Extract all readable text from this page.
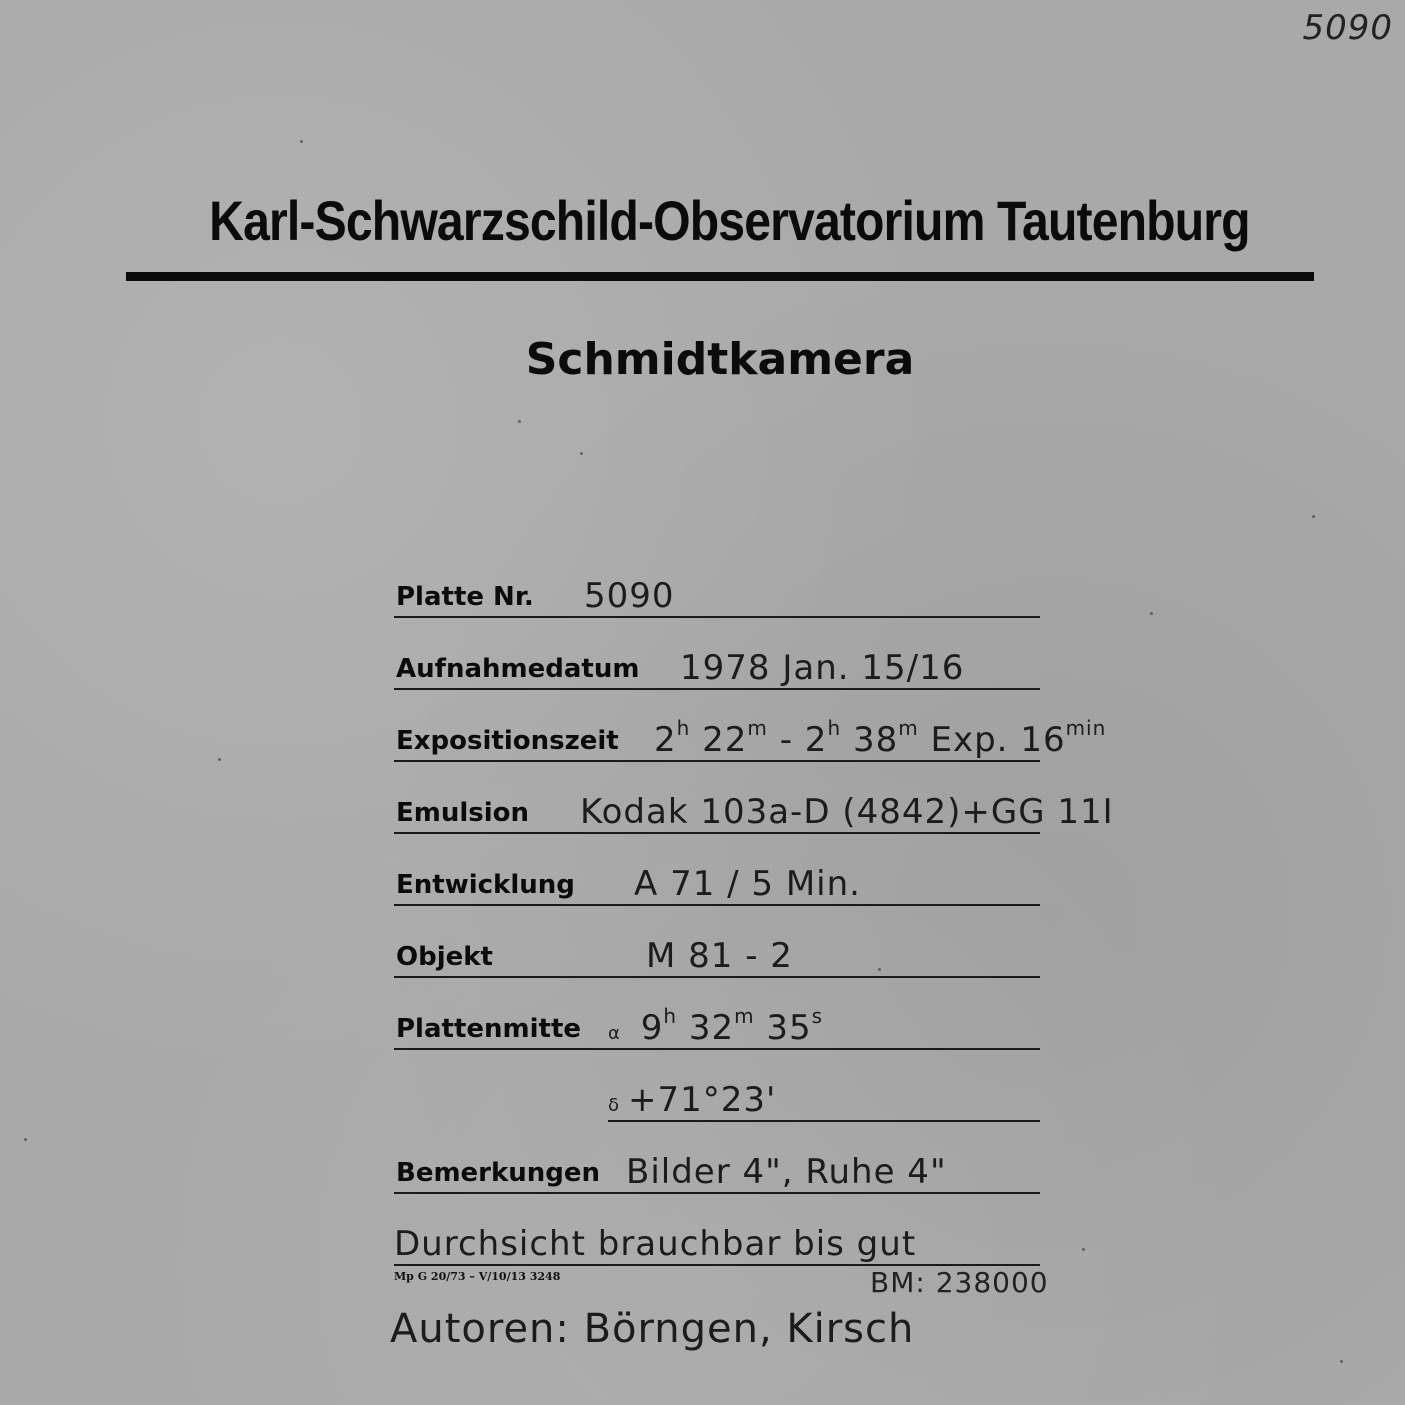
5090
Karl-Schwarzschild-Observatorium Tautenburg
Schmidtkamera
Platte Nr. 5090
Aufnahmedatum 1978 Jan. 15/16
Expositionszeit 2$^h$ 22$^m$ - 2$^h$ 38$^m$ Exp. $16^{min}$
Emulsion Kodak 103a-D (4842)+GG 11I
Entwicklung A 71 / 5 Min.
Objekt	M 81 - 2
Plattenmitte α 9$^h$ 32$^m$ 35$^s$
δ +71°23'
Bemerkungen Bilder 4", Ruhe 4"
Durchsicht brauchbar bis gut
Mp G 20/73 – V/10/13 3248	BM: 238000
Autoren: Börngen, Kirsch
